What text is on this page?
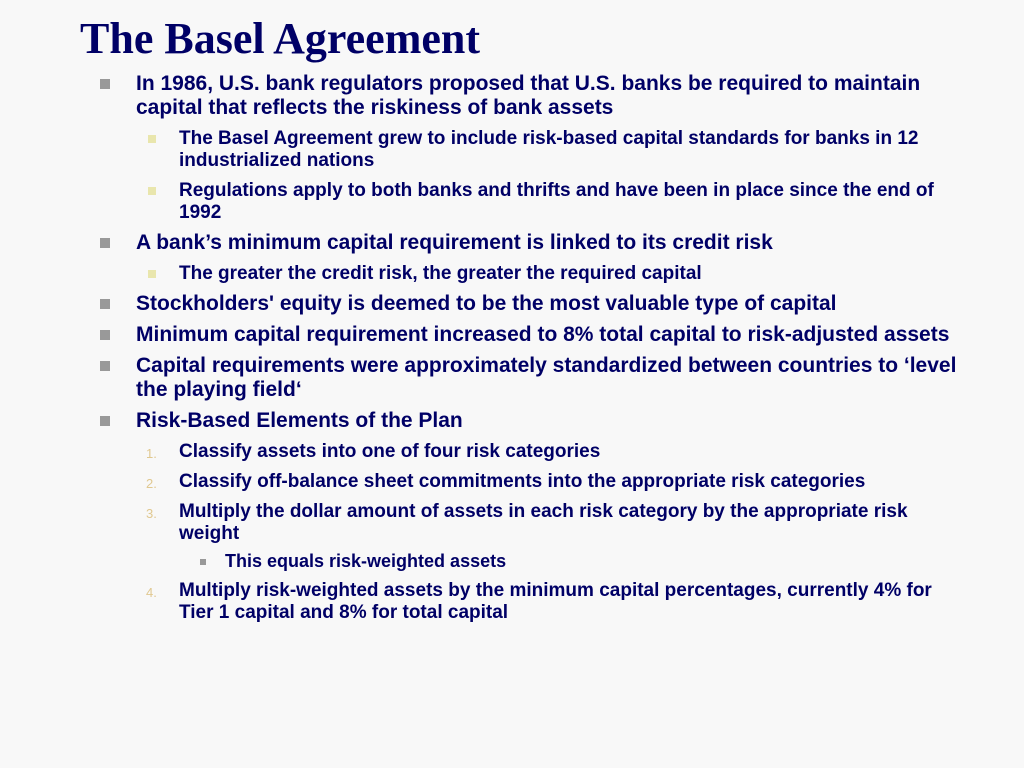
The Basel Agreement
In 1986, U.S. bank regulators proposed that U.S. banks be required to maintain capital that reflects the riskiness of bank assets
The Basel Agreement grew to include risk-based capital standards for banks in 12 industrialized nations
Regulations apply to both banks and thrifts and have been in place since the end of 1992
A bank’s minimum capital requirement is linked to its credit risk
The greater the credit risk, the greater the required capital
Stockholders' equity is deemed to be the most valuable type of capital
Minimum capital requirement increased to 8% total capital to risk-adjusted assets
Capital requirements were approximately standardized between countries to ‘level the playing field‘
Risk-Based Elements of the Plan
1. Classify assets into one of four risk categories
2. Classify off-balance sheet commitments into the appropriate risk categories
3. Multiply the dollar amount of assets in each risk category by the appropriate risk weight
This equals risk-weighted assets
4. Multiply risk-weighted assets by the minimum capital percentages, currently 4% for Tier 1 capital and 8% for total capital
